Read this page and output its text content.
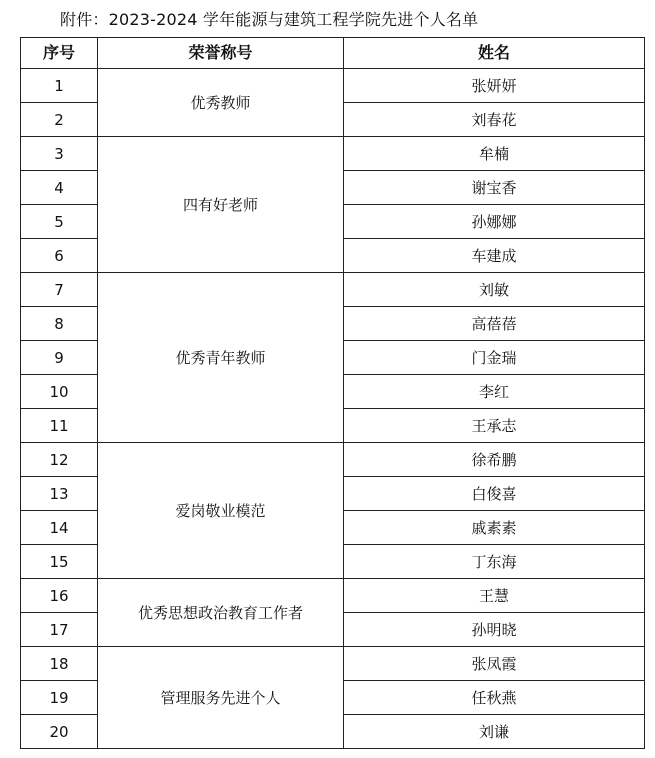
附件：2023-2024 学年能源与建筑工程学院先进个人名单
序号	荣誉称号	姓名
1	优秀教师	张妍妍
2		刘春花
3	四有好老师	牟楠
4		谢宝香
5		孙娜娜
6		车建成
7	优秀青年教师	刘敏
8		高蓓蓓
9		门金瑞
10		李红
11		王承志
12	爱岗敬业模范	徐希鹏
13		白俊喜
14		戚素素
15		丁东海
16	优秀思想政治教育工作者	王慧
17		孙明晓
18	管理服务先进个人	张凤霞
19		任秋燕
20		刘谦
